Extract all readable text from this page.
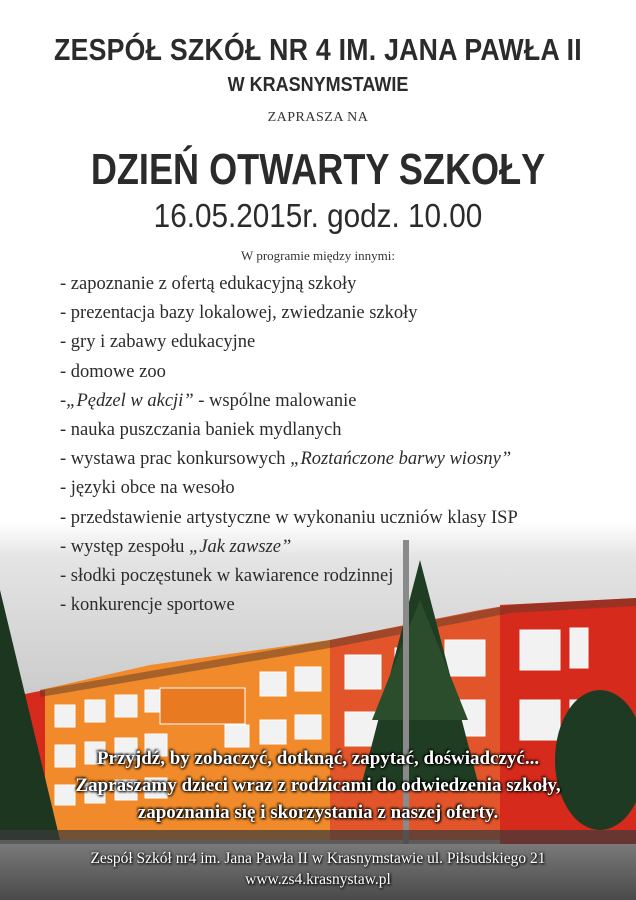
ZESPÓŁ SZKÓŁ NR 4 IM. JANA PAWŁA II
W KRASNYMSTAWIE
ZAPRASZA NA
DZIEŃ OTWARTY SZKOŁY
16.05.2015r. godz. 10.00
W programie między innymi:
- zapoznanie z ofertą edukacyjną szkoły
- prezentacja bazy lokalowej, zwiedzanie szkoły
- gry i zabawy edukacyjne
- domowe zoo
-„Pędzel w akcji” - wspólne malowanie
- nauka puszczania baniek mydlanych
- wystawa prac konkursowych „Roztańczone barwy wiosny”
- języki obce na wesoło
- przedstawienie artystyczne w wykonaniu uczniów klasy ISP
- występ zespołu „Jak zawsze”
- słodki poczęstunek w kawiarence rodzinnej
- konkurencje sportowe
Przyjdź, by zobaczyć, dotknąć, zapytać, doświadczyć...
Zapraszamy dzieci wraz z rodzicami do odwiedzenia szkoły,
zapoznania się i skorzystania z naszej oferty.
Zespół Szkół nr4 im. Jana Pawła II w Krasnymstawie ul. Piłsudskiego 21
www.zs4.krasnystaw.pl
